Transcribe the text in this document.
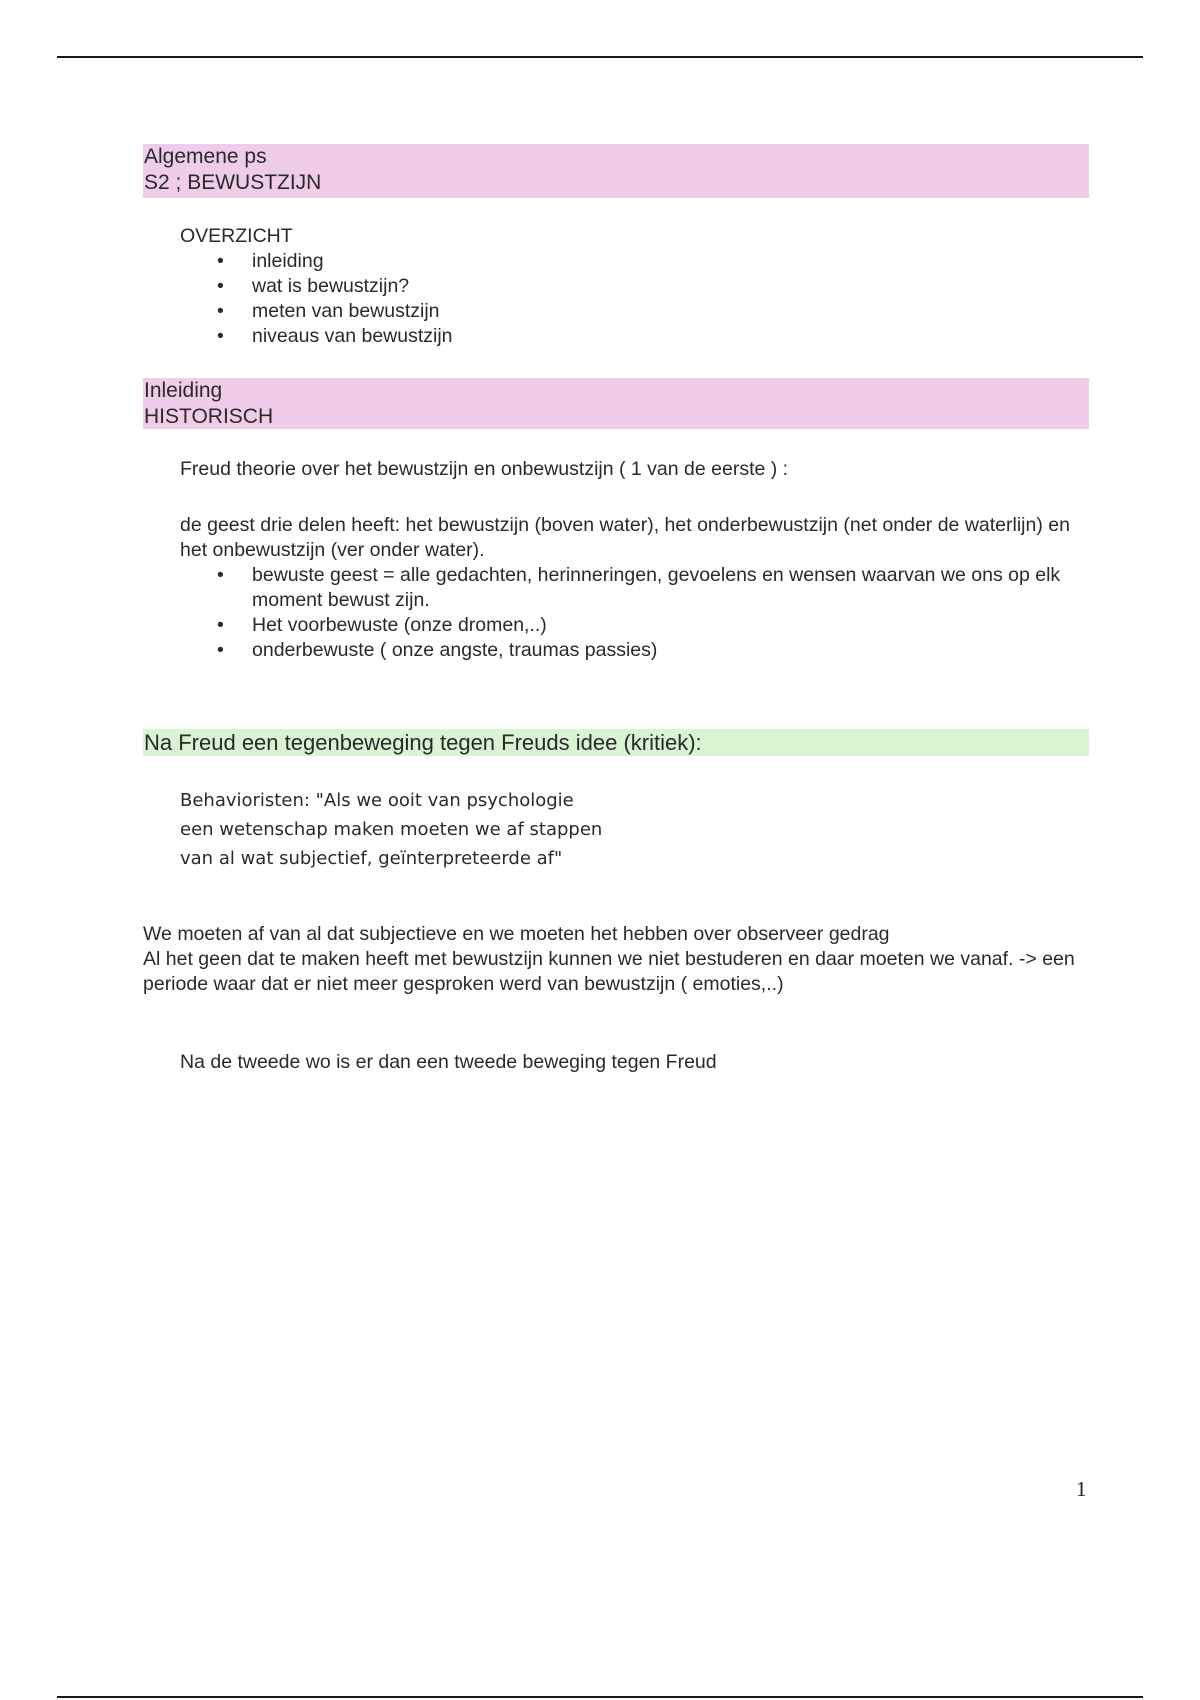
Algemene ps
S2 ; BEWUSTZIJN
OVERZICHT
• inleiding
• wat is bewustzijn?
• meten van bewustzijn
• niveaus van bewustzijn
Inleiding
HISTORISCH
Freud theorie over het bewustzijn en onbewustzijn ( 1 van de eerste ) :
de geest drie delen heeft: het bewustzijn (boven water), het onderbewustzijn (net onder de waterlijn) en het onbewustzijn (ver onder water).
• bewuste geest = alle gedachten, herinneringen, gevoelens en wensen waarvan we ons op elk moment bewust zijn.
• Het voorbewuste (onze dromen,..)
• onderbewuste ( onze angste, traumas passies)
Na Freud een tegenbeweging tegen Freuds idee (kritiek):
Behavioristen: "Als we ooit van psychologie
een wetenschap maken moeten we af stappen
van al wat subjectief, geïnterpreteerde af"
We moeten af van al dat subjectieve en we moeten het hebben over observeer gedrag
Al het geen dat te maken heeft met bewustzijn kunnen we niet bestuderen en daar moeten we vanaf. -> een periode waar dat er niet meer gesproken werd van bewustzijn ( emoties,..)
Na de tweede wo is er dan een tweede beweging tegen Freud
1
